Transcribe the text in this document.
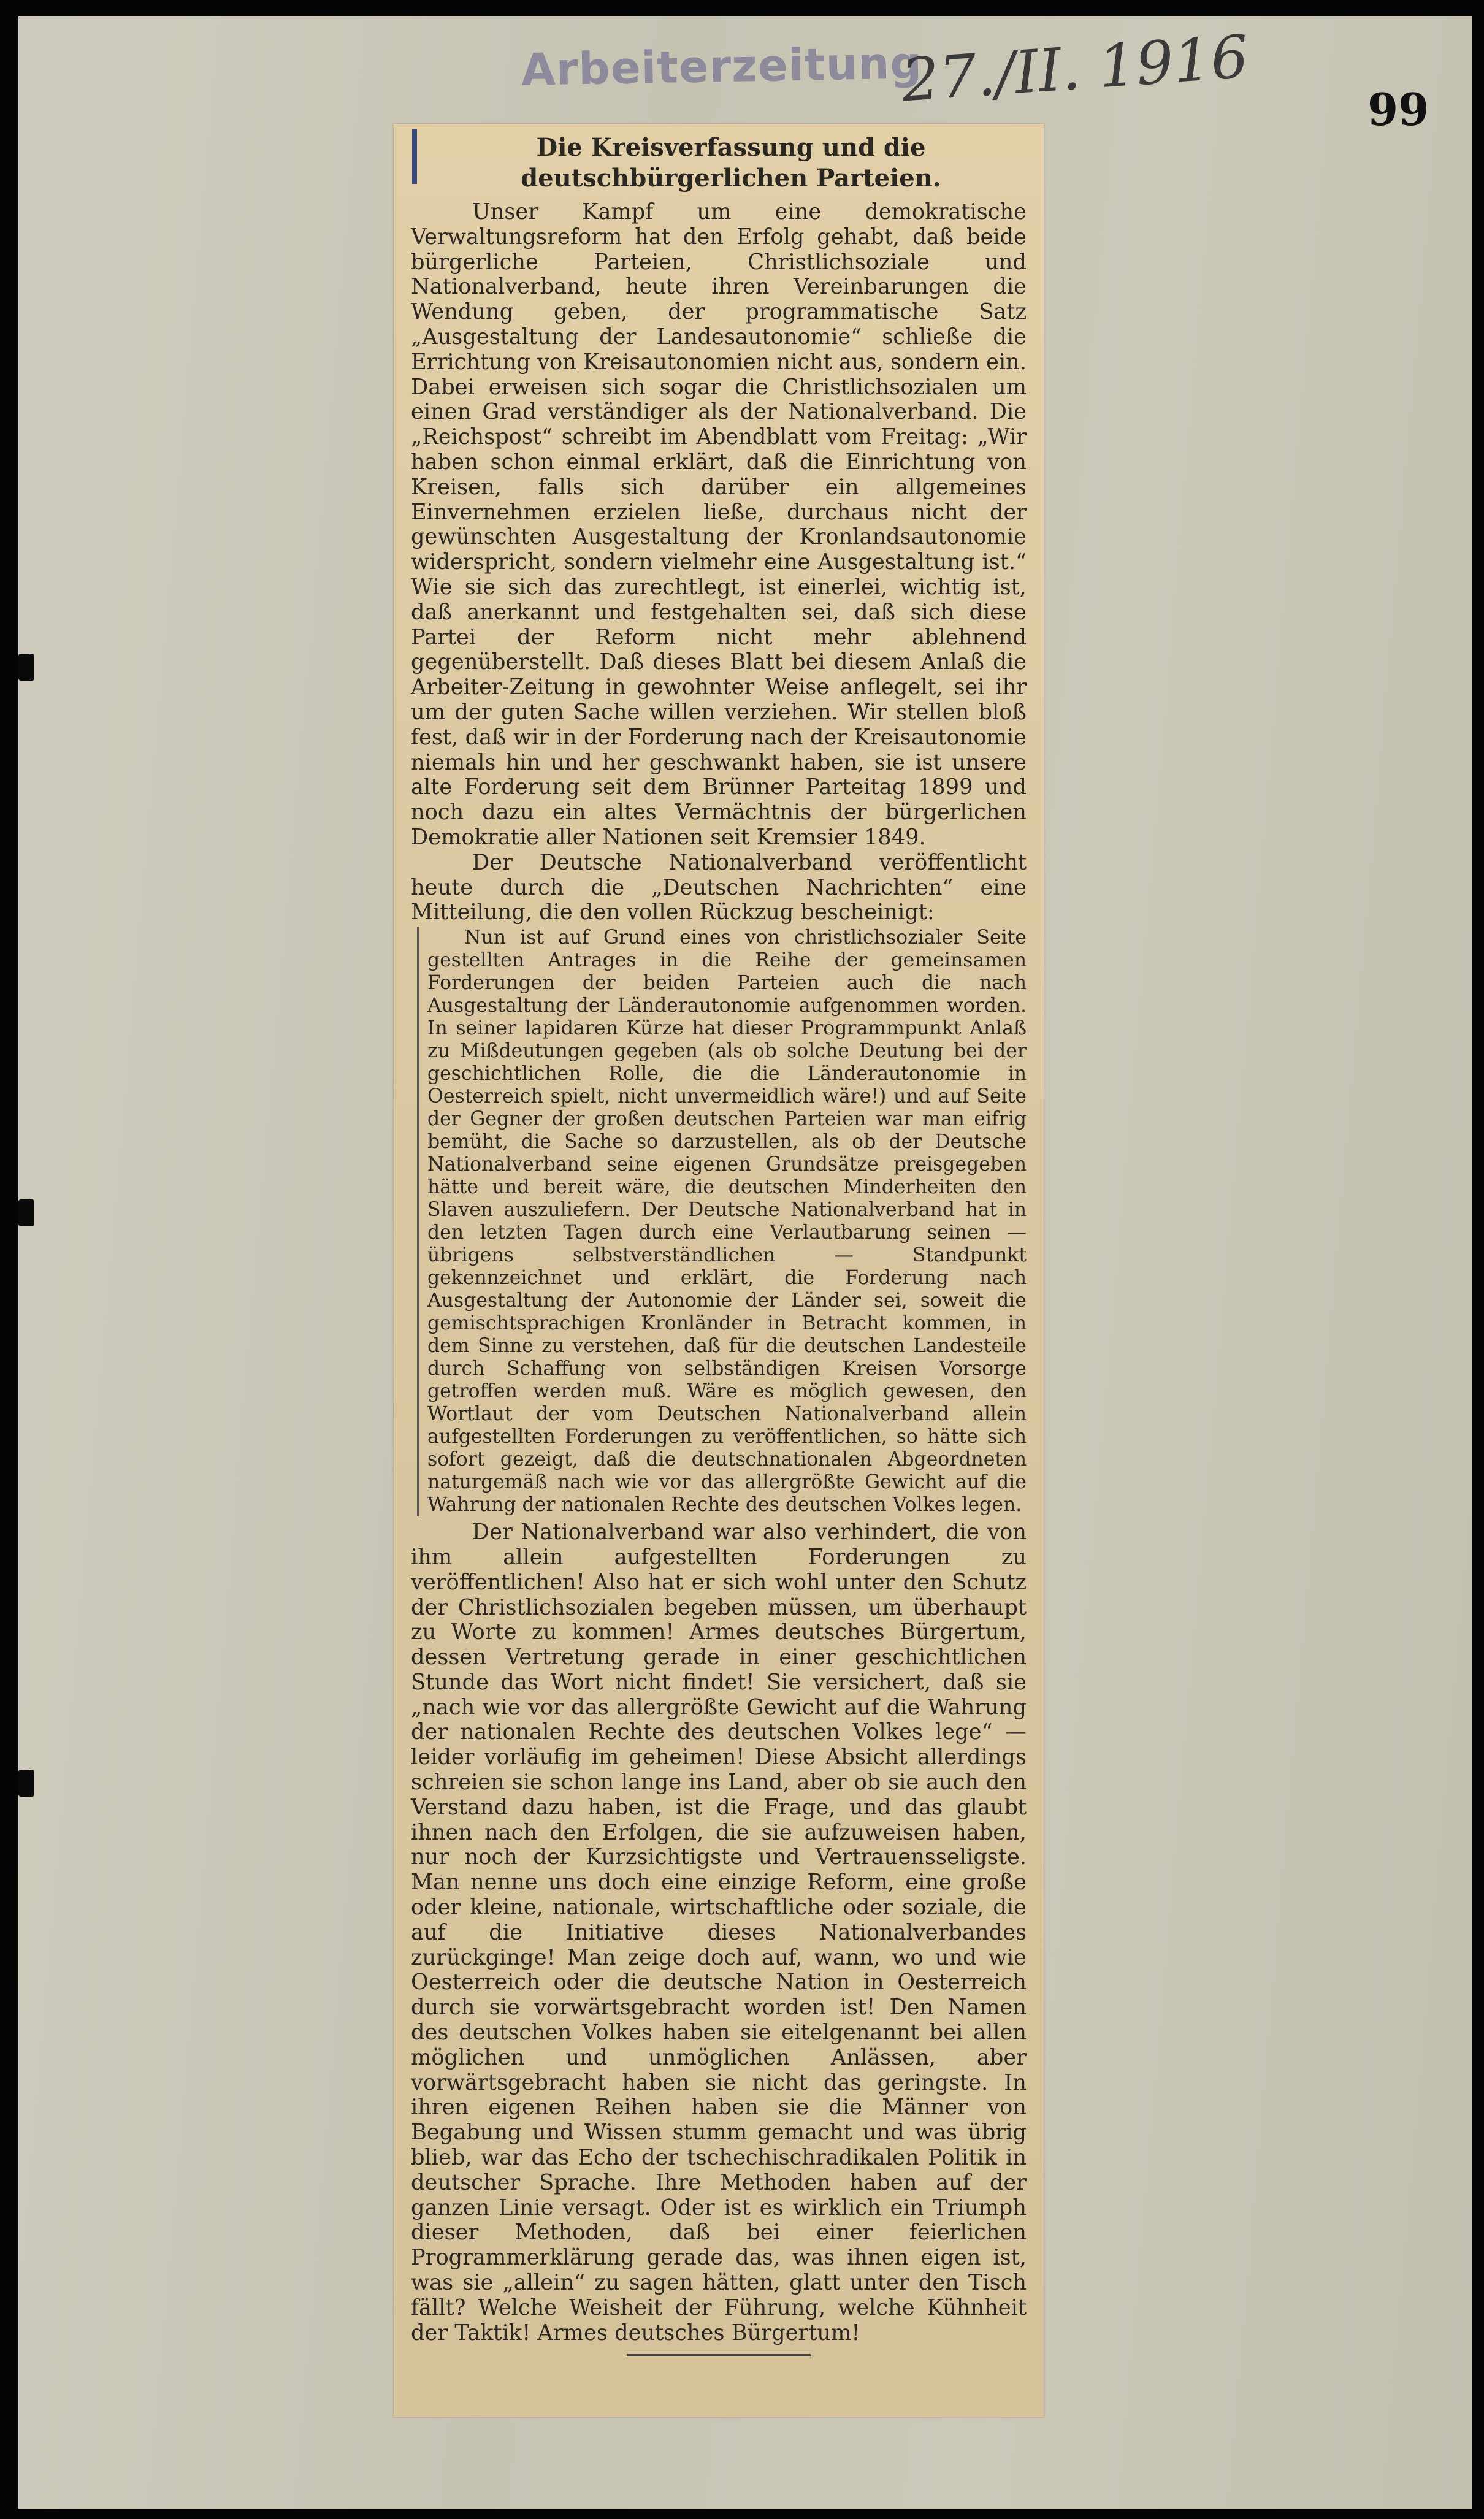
Arbeiterzeitung
27./II. 1916	99
Die Kreisverfassung und die deutschbürgerlichen Parteien.

Unser Kampf um eine demokratische Verwaltungsreform hat den Erfolg gehabt, daß beide bürgerliche Parteien, Christlichsoziale und Nationalverband, heute ihren Vereinbarungen die Wendung geben, der programmatische Satz „Ausgestaltung der Landesautonomie“ schließe die Errichtung von Kreisautonomien nicht aus, sondern ein. Dabei erweisen sich sogar die Christlichsozialen um einen Grad verständiger als der Nationalverband. Die „Reichspost“ schreibt im Abendblatt vom Freitag: „Wir haben schon einmal erklärt, daß die Einrichtung von Kreisen, falls sich darüber ein allgemeines Einvernehmen erzielen ließe, durchaus nicht der gewünschten Ausgestaltung der Kronlandsautonomie widerspricht, sondern vielmehr eine Ausgestaltung ist.“ Wie sie sich das zurechtlegt, ist einerlei, wichtig ist, daß anerkannt und festgehalten sei, daß sich diese Partei der Reform nicht mehr ablehnend gegenüberstellt. Daß dieses Blatt bei diesem Anlaß die Arbeiter-Zeitung in gewohnter Weise anflegelt, sei ihr um der guten Sache willen verziehen. Wir stellen bloß fest, daß wir in der Forderung nach der Kreisautonomie niemals hin und her geschwankt haben, sie ist unsere alte Forderung seit dem Brünner Parteitag 1899 und noch dazu ein altes Vermächtnis der bürgerlichen Demokratie aller Nationen seit Kremsier 1849.

Der Deutsche Nationalverband veröffentlicht heute durch die „Deutschen Nachrichten“ eine Mitteilung, die den vollen Rückzug bescheinigt:

Nun ist auf Grund eines von christlichsozialer Seite gestellten Antrages in die Reihe der gemeinsamen Forderungen der beiden Parteien auch die nach Ausgestaltung der Länderautonomie aufgenommen worden. In seiner lapidaren Kürze hat dieser Programmpunkt Anlaß zu Mißdeutungen gegeben (als ob solche Deutung bei der geschichtlichen Rolle, die die Länderautonomie in Oesterreich spielt, nicht unvermeidlich wäre!) und auf Seite der Gegner der großen deutschen Parteien war man eifrig bemüht, die Sache so darzustellen, als ob der Deutsche Nationalverband seine eigenen Grundsätze preisgegeben hätte und bereit wäre, die deutschen Minderheiten den Slaven auszuliefern. Der Deutsche Nationalverband hat in den letzten Tagen durch eine Verlautbarung seinen — übrigens selbstverständlichen — Standpunkt gekennzeichnet und erklärt, die Forderung nach Ausgestaltung der Autonomie der Länder sei, soweit die gemischtsprachigen Kronländer in Betracht kommen, in dem Sinne zu verstehen, daß für die deutschen Landesteile durch Schaffung von selbständigen Kreisen Vorsorge getroffen werden muß. Wäre es möglich gewesen, den Wortlaut der vom Deutschen Nationalverband allein aufgestellten Forderungen zu veröffentlichen, so hätte sich sofort gezeigt, daß die deutschnationalen Abgeordneten naturgemäß nach wie vor das allergrößte Gewicht auf die Wahrung der nationalen Rechte des deutschen Volkes legen.

Der Nationalverband war also verhindert, die von ihm allein aufgestellten Forderungen zu veröffentlichen! Also hat er sich wohl unter den Schutz der Christlichsozialen begeben müssen, um überhaupt zu Worte zu kommen! Armes deutsches Bürgertum, dessen Vertretung gerade in einer geschichtlichen Stunde das Wort nicht findet! Sie versichert, daß sie „nach wie vor das allergrößte Gewicht auf die Wahrung der nationalen Rechte des deutschen Volkes lege“ — leider vorläufig im geheimen! Diese Absicht allerdings schreien sie schon lange ins Land, aber ob sie auch den Verstand dazu haben, ist die Frage, und das glaubt ihnen nach den Erfolgen, die sie aufzuweisen haben, nur noch der Kurzsichtigste und Vertrauensseligste. Man nenne uns doch eine einzige Reform, eine große oder kleine, nationale, wirtschaftliche oder soziale, die auf die Initiative dieses Nationalverbandes zurückginge! Man zeige doch auf, wann, wo und wie Oesterreich oder die deutsche Nation in Oesterreich durch sie vorwärtsgebracht worden ist! Den Namen des deutschen Volkes haben sie eitelgenannt bei allen möglichen und unmöglichen Anlässen, aber vorwärtsgebracht haben sie nicht das geringste. In ihren eigenen Reihen haben sie die Männer von Begabung und Wissen stumm gemacht und was übrig blieb, war das Echo der tschechischradikalen Politik in deutscher Sprache. Ihre Methoden haben auf der ganzen Linie versagt. Oder ist es wirklich ein Triumph dieser Methoden, daß bei einer feierlichen Programmerklärung gerade das, was ihnen eigen ist, was sie „allein“ zu sagen hätten, glatt unter den Tisch fällt? Welche Weisheit der Führung, welche Kühnheit der Taktik! Armes deutsches Bürgertum!
